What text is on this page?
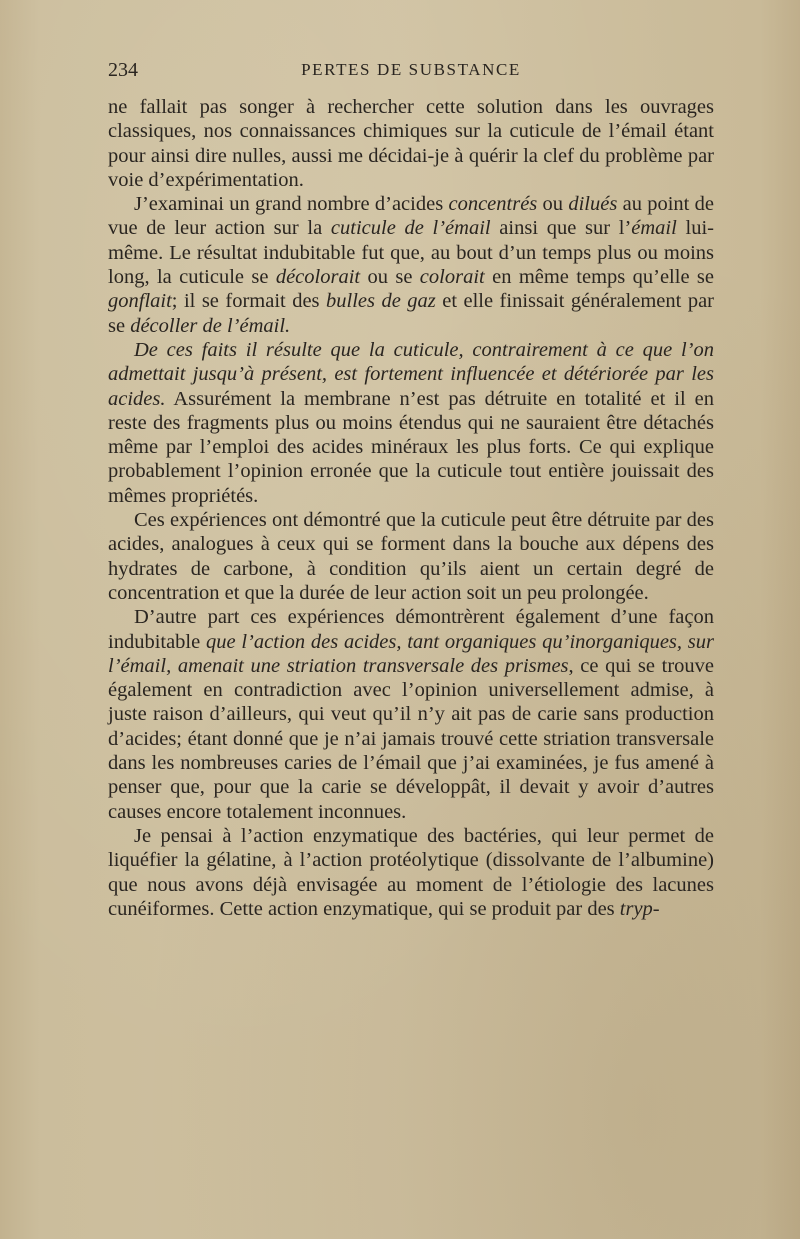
234	PERTES DE SUBSTANCE

ne fallait pas songer à rechercher cette solution dans les ouvrages classiques, nos connaissances chimiques sur la cuticule de l’émail étant pour ainsi dire nulles, aussi me décidai-je à quérir la clef du problème par voie d’expérimentation.

J’examinai un grand nombre d’acides concentrés ou dilués au point de vue de leur action sur la cuticule de l’émail ainsi que sur l’émail lui-même. Le résultat indubitable fut que, au bout d’un temps plus ou moins long, la cuticule se décolorait ou se colorait en même temps qu’elle se gonflait; il se formait des bulles de gaz et elle finissait généralement par se décoller de l’émail.

De ces faits il résulte que la cuticule, contrairement à ce que l’on admettait jusqu’à présent, est fortement influencée et détériorée par les acides. Assurément la membrane n’est pas détruite en totalité et il en reste des fragments plus ou moins étendus qui ne sauraient être détachés même par l’emploi des acides minéraux les plus forts. Ce qui explique probablement l’opinion erronée que la cuticule tout entière jouissait des mêmes propriétés.

Ces expériences ont démontré que la cuticule peut être détruite par des acides, analogues à ceux qui se forment dans la bouche aux dépens des hydrates de carbone, à condition qu’ils aient un certain degré de concentration et que la durée de leur action soit un peu prolongée.

D’autre part ces expériences démontrèrent également d’une façon indubitable que l’action des acides, tant organiques qu’inorganiques, sur l’émail, amenait une striation transversale des prismes, ce qui se trouve également en contradiction avec l’opinion universellement admise, à juste raison d’ailleurs, qui veut qu’il n’y ait pas de carie sans production d’acides; étant donné que je n’ai jamais trouvé cette striation transversale dans les nombreuses caries de l’émail que j’ai examinées, je fus amené à penser que, pour que la carie se développât, il devait y avoir d’autres causes encore totalement inconnues.

Je pensai à l’action enzymatique des bactéries, qui leur permet de liquéfier la gélatine, à l’action protéolytique (dissolvante de l’albumine) que nous avons déjà envisagée au moment de l’étiologie des lacunes cunéiformes. Cette action enzymatique, qui se produit par des tryp-
